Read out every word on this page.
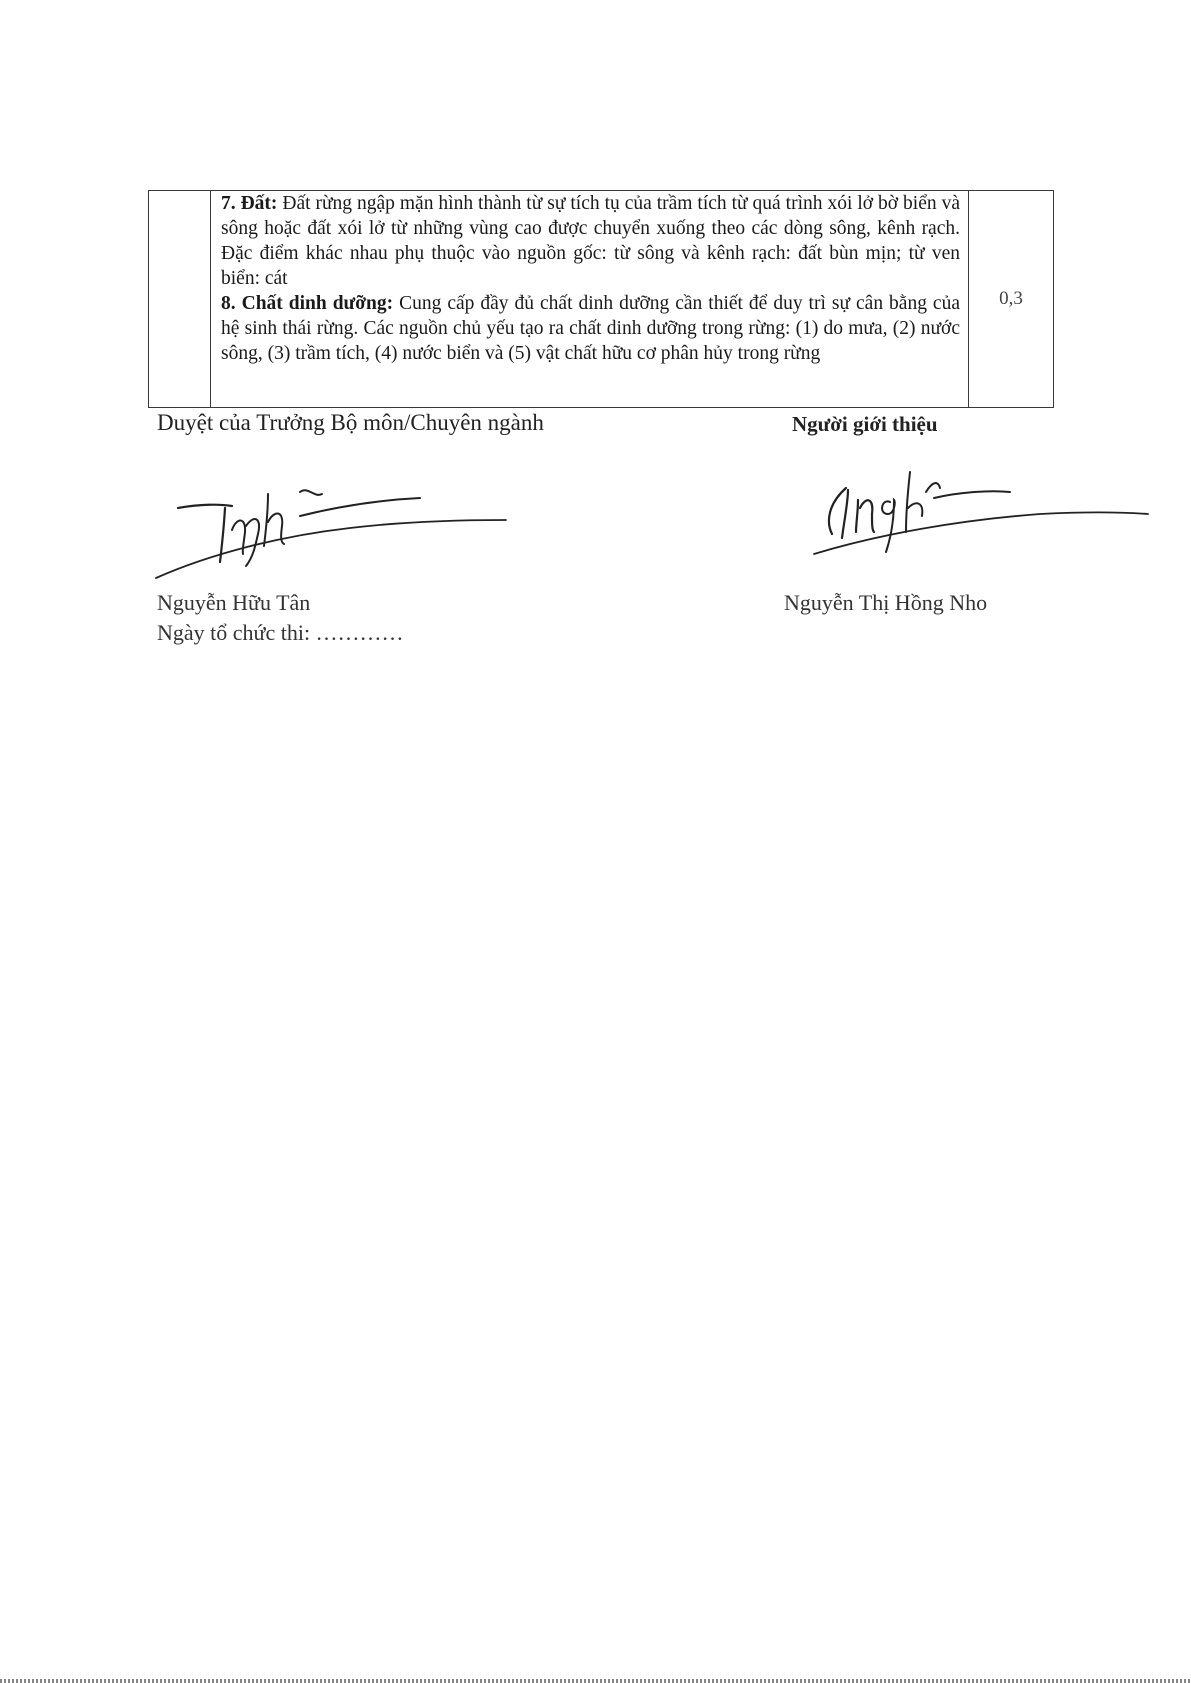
7. Đất: Đất rừng ngập mặn hình thành từ sự tích tụ của trầm tích từ quá trình xói lở bờ biển và sông hoặc đất xói lở từ những vùng cao được chuyển xuống theo các dòng sông, kênh rạch. Đặc điểm khác nhau phụ thuộc vào nguồn gốc: từ sông và kênh rạch: đất bùn mịn; từ ven biển: cát

8. Chất dinh dưỡng: Cung cấp đầy đủ chất dinh dưỡng cần thiết để duy trì sự cân bằng của hệ sinh thái rừng. Các nguồn chủ yếu tạo ra chất dinh dưỡng trong rừng: (1) do mưa, (2) nước sông, (3) trầm tích, (4) nước biển và (5) vật chất hữu cơ phân hủy trong rừng

0,3
Duyệt của Trưởng Bộ môn/Chuyên ngành	Người giới thiệu
Nguyễn Hữu Tân
Ngày tổ chức thi: …………
Nguyễn Thị Hồng Nho
